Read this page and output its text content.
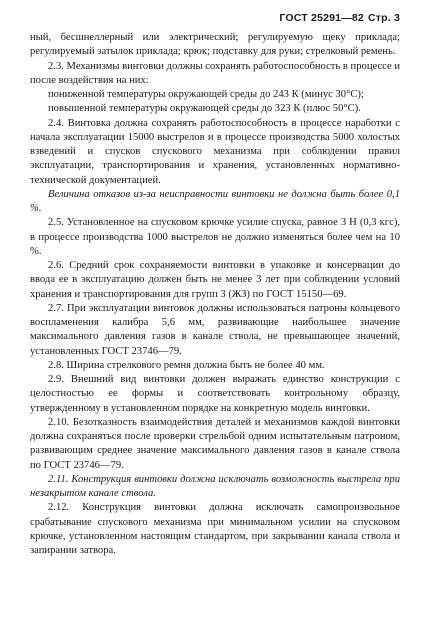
ГОСТ 25291—82 Стр. 3

ный, бесшнеллерный или электрический; регулируемую щеку приклада; регулируемый затылок приклада; крюк; подставку для руки; стрелковый ремень.

2.3. Механизмы винтовки должны сохранять работоспособность в процессе и после воздействия на них:

пониженной температуры окружающей среды до 243 К (минус 30°С);

повышенной температуры окружающей среды до 323 К (плюс 50°С).

2.4. Винтовка должна сохранять работоспособность в процессе наработки с начала эксплуатации 15000 выстрелов и в процессе производства 5000 холостых взведений и спусков спускового механизма при соблюдении правил эксплуатации, транспортирования и хранения, установленных нормативно-технической документацией.

Величина отказов из-за неисправности винтовки не должна быть более 0,1 %.

2.5. Установленное на спусковом крючке усилие спуска, равное 3 Н (0,3 кгс), в процессе производства 1000 выстрелов не должно изменяться более чем на 10 %.

2.6. Средний срок сохраняемости винтовки в упаковке и консервации до ввода ее в эксплуатацию должен быть не менее 3 лет при соблюдении условий хранения и транспортирования для групп 3 (ЖЗ) по ГОСТ 15150—69.

2.7. При эксплуатации винтовок должны использоваться патроны кольцевого воспламенения калибра 5,6 мм, развивающие наибольшее значение максимального давления газов в канале ствола, не превышающее значений, установленных ГОСТ 23746—79.

2.8. Ширина стрелкового ремня должна быть не более 40 мм.

2.9. Внешний вид винтовки должен выражать единство конструкции с целостностью ее формы и соответствовать контрольному образцу, утвержденному в установленном порядке на конкретную модель винтовки.

2.10. Безотказность взаимодействия деталей и механизмов каждой винтовки должна сохраняться после проверки стрельбой одним испытательным патроном, развивающим среднее значение максимального давления газов в канале ствола по ГОСТ 23746—79.

2.11. Конструкция винтовки должна исключать возможность выстрела при незакрытом канале ствола.

2.12. Конструкция винтовки должна исключать самопроизвольное срабатывание спускового механизма при минимальном усилии на спусковом крючке, установленном настоящим стандартом, при закрывании канала ствола и запирании затвора.
